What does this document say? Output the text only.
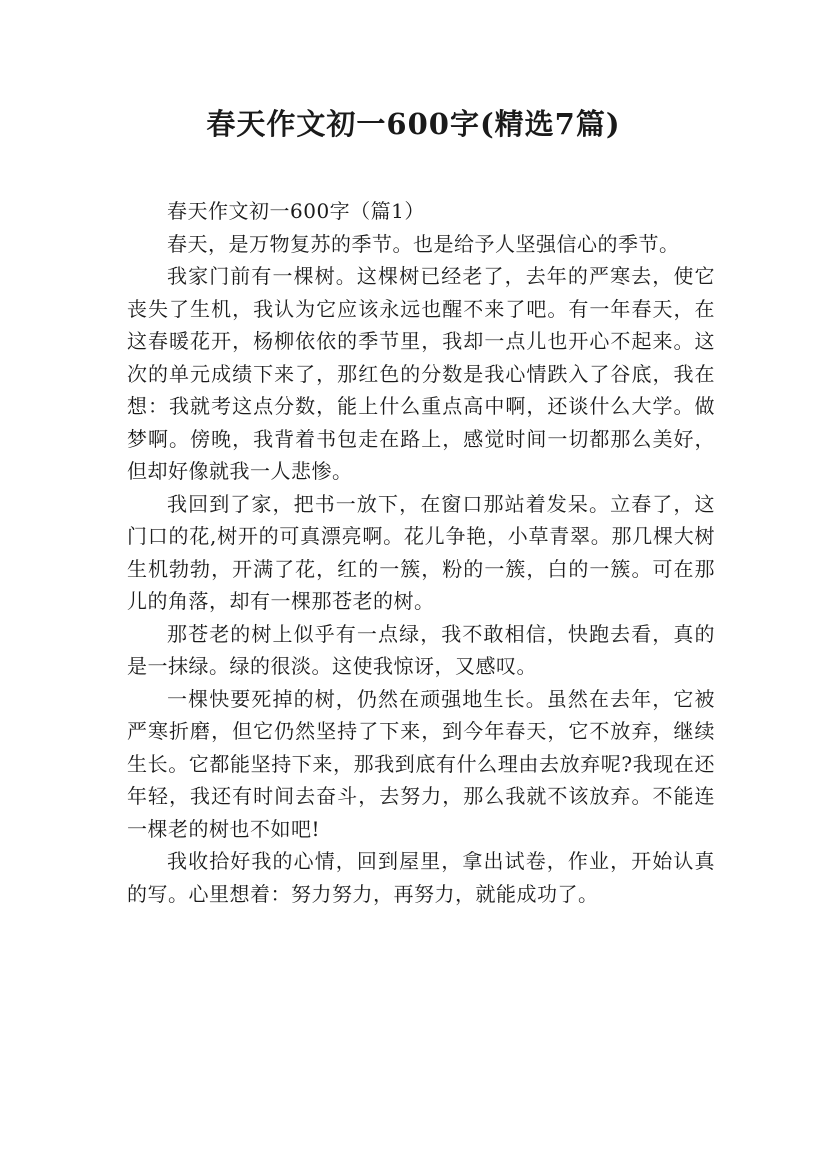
春天作文初一600字(精选7篇)

春天作文初一600字（篇1）

春天，是万物复苏的季节。也是给予人坚强信心的季节。

我家门前有一棵树。这棵树已经老了，去年的严寒去，使它丧失了生机，我认为它应该永远也醒不来了吧。有一年春天，在这春暖花开，杨柳依依的季节里，我却一点儿也开心不起来。这次的单元成绩下来了，那红色的分数是我心情跌入了谷底，我在想：我就考这点分数，能上什么重点高中啊，还谈什么大学。做梦啊。傍晚，我背着书包走在路上，感觉时间一切都那么美好，但却好像就我一人悲惨。

我回到了家，把书一放下，在窗口那站着发呆。立春了，这门口的花,树开的可真漂亮啊。花儿争艳，小草青翠。那几棵大树生机勃勃，开满了花，红的一簇，粉的一簇，白的一簇。可在那儿的角落，却有一棵那苍老的树。

那苍老的树上似乎有一点绿，我不敢相信，快跑去看，真的是一抹绿。绿的很淡。这使我惊讶，又感叹。

一棵快要死掉的树，仍然在顽强地生长。虽然在去年，它被严寒折磨，但它仍然坚持了下来，到今年春天，它不放弃，继续生长。它都能坚持下来，那我到底有什么理由去放弃呢?我现在还年轻，我还有时间去奋斗，去努力，那么我就不该放弃。不能连一棵老的树也不如吧!

我收拾好我的心情，回到屋里，拿出试卷，作业，开始认真的写。心里想着：努力努力，再努力，就能成功了。
